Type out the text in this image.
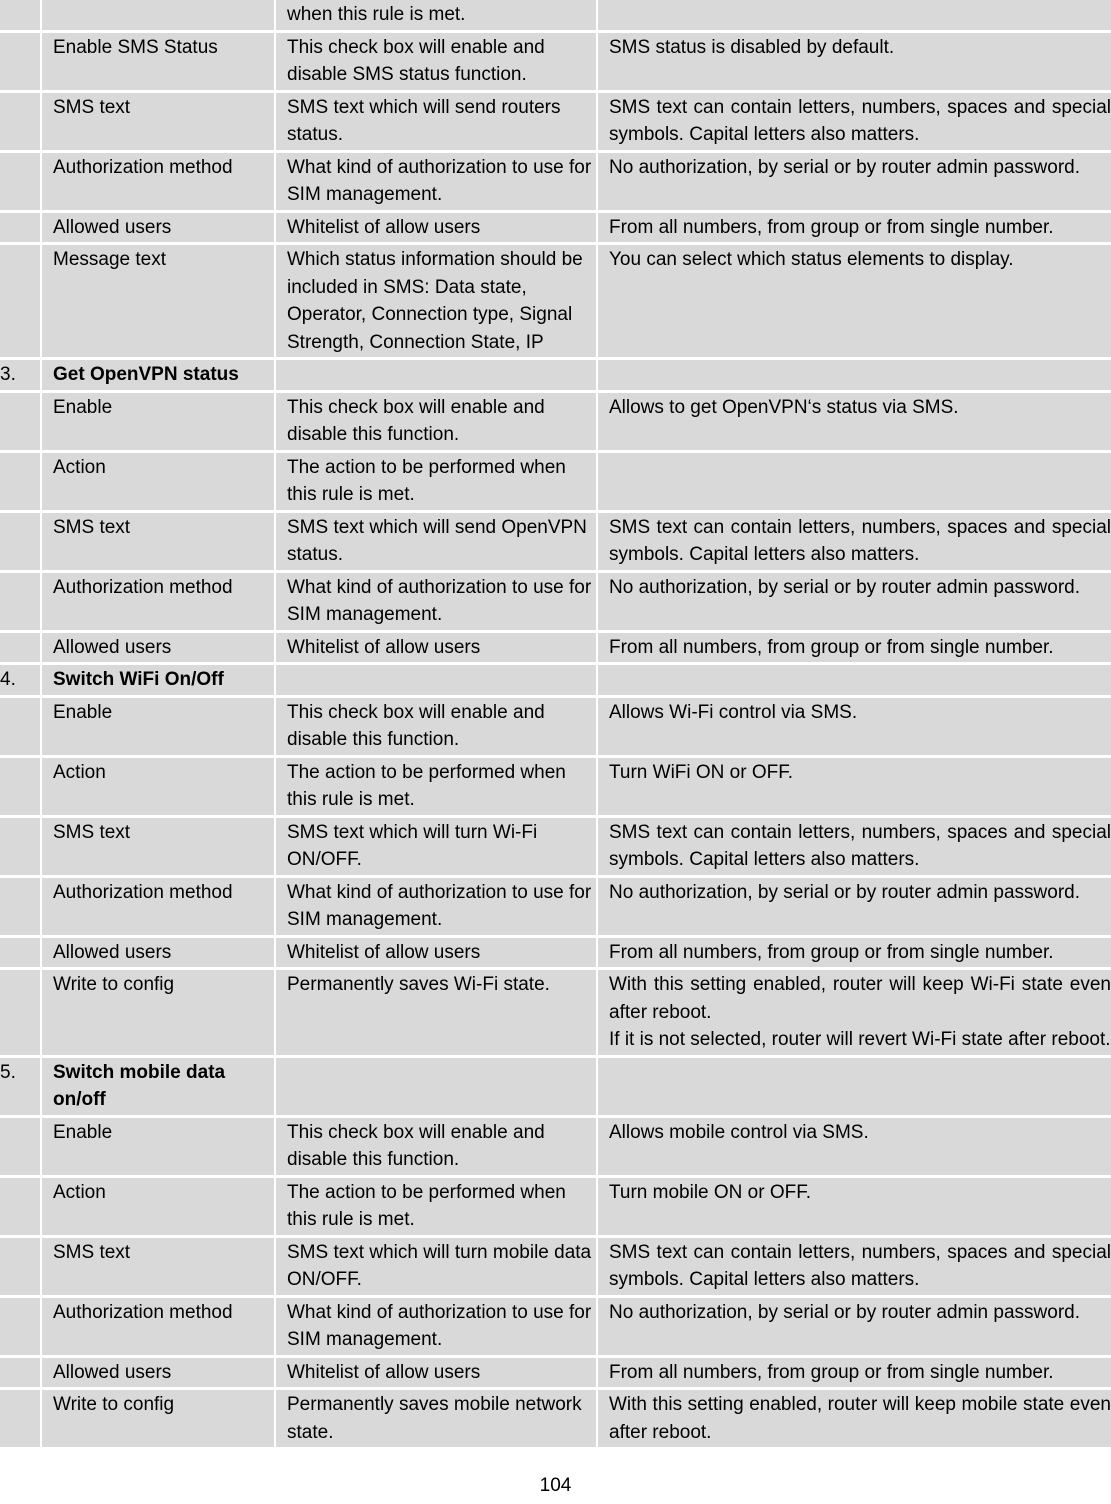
		when this rule is met.	

	Enable SMS Status	This check box will enable and disable SMS status function.	SMS status is disabled by default.

	SMS text	SMS text which will send routers status.	SMS text can contain letters, numbers, spaces and special symbols. Capital letters also matters.

	Authorization method	What kind of authorization to use for SIM management.	No authorization, by serial or by router admin password.

	Allowed users	Whitelist of allow users	From all numbers, from group or from single number.

	Message text	Which status information should be included in SMS: Data state, Operator, Connection type, Signal Strength, Connection State, IP	You can select which status elements to display.

3.	Get OpenVPN status		

	Enable	This check box will enable and disable this function.	Allows to get OpenVPN‘s status via SMS.

	Action	The action to be performed when this rule is met.	

	SMS text	SMS text which will send OpenVPN status.	SMS text can contain letters, numbers, spaces and special symbols. Capital letters also matters.

	Authorization method	What kind of authorization to use for SIM management.	No authorization, by serial or by router admin password.

	Allowed users	Whitelist of allow users	From all numbers, from group or from single number.

4.	Switch WiFi On/Off		

	Enable	This check box will enable and disable this function.	Allows Wi-Fi control via SMS.

	Action	The action to be performed when this rule is met.	Turn WiFi ON or OFF.

	SMS text	SMS text which will turn Wi-Fi ON/OFF.	SMS text can contain letters, numbers, spaces and special symbols. Capital letters also matters.

	Authorization method	What kind of authorization to use for SIM management.	No authorization, by serial or by router admin password.

	Allowed users	Whitelist of allow users	From all numbers, from group or from single number.

	Write to config	Permanently saves Wi-Fi state.	With this setting enabled, router will keep Wi-Fi state even after reboot.
If it is not selected, router will revert Wi-Fi state after reboot.

5.	Switch mobile data on/off		

	Enable	This check box will enable and disable this function.	Allows mobile control via SMS.

	Action	The action to be performed when this rule is met.	Turn mobile ON or OFF.

	SMS text	SMS text which will turn mobile data ON/OFF.	SMS text can contain letters, numbers, spaces and special symbols. Capital letters also matters.

	Authorization method	What kind of authorization to use for SIM management.	No authorization, by serial or by router admin password.

	Allowed users	Whitelist of allow users	From all numbers, from group or from single number.

	Write to config	Permanently saves mobile network state.	With this setting enabled, router will keep mobile state even after reboot.
104
